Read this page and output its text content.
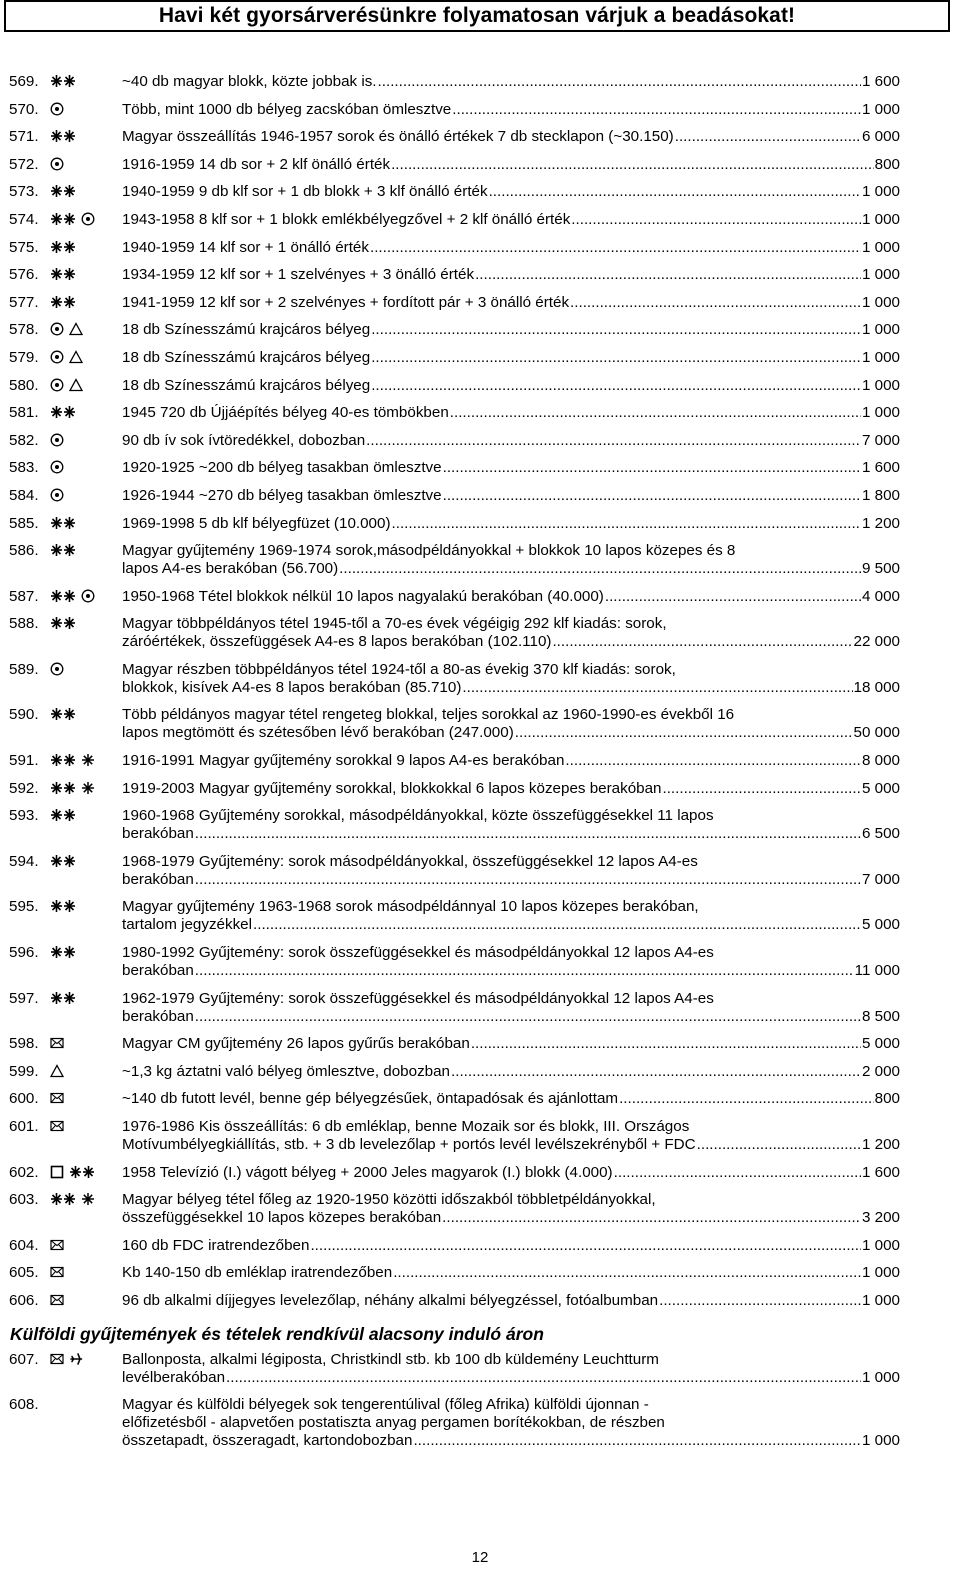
Havi két gyorsárverésünkre folyamatosan várjuk a beadásokat!
569.	~40 db magyar blokk, közte jobbak is. .....	1 600
570.	Több, mint 1000 db bélyeg zacskóban ömlesztve .....	1 000
571.	Magyar összeállítás 1946-1957 sorok és önálló értékek 7 db stecklapon (~30.150) .....	6 000
572.	1916-1959 14 db sor + 2 klf önálló érték .....	800
573.	1940-1959 9 db klf sor + 1 db blokk + 3 klf önálló érték .....	1 000
574.	1943-1958 8 klf sor + 1 blokk emlékbélyegzővel + 2 klf önálló érték .....	1 000
575.	1940-1959 14 klf sor + 1 önálló érték .....	1 000
576.	1934-1959 12 klf sor + 1 szelvényes + 3 önálló érték .....	1 000
577.	1941-1959 12 klf sor + 2 szelvényes + fordított pár + 3 önálló érték .....	1 000
578.	18 db Színesszámú krajcáros bélyeg .....	1 000
579.	18 db Színesszámú krajcáros bélyeg .....	1 000
580.	18 db Színesszámú krajcáros bélyeg .....	1 000
581.	1945 720 db Újjáépítés bélyeg 40-es tömbökben .....	1 000
582.	90 db ív sok ívtöredékkel, dobozban .....	7 000
583.	1920-1925 ~200 db bélyeg tasakban ömlesztve .....	1 600
584.	1926-1944 ~270 db bélyeg tasakban ömlesztve .....	1 800
585.	1969-1998 5 db klf bélyegfüzet (10.000) .....	1 200
586.	Magyar gyűjtemény 1969-1974 sorok,másodpéldányokkal + blokkok 10 lapos közepes és 8
lapos A4-es berakóban (56.700) .....	9 500
587.	1950-1968 Tétel blokkok nélkül 10 lapos nagyalakú berakóban (40.000) .....	4 000
588.	Magyar többpéldányos tétel 1945-től a 70-es évek végéigig 292 klf kiadás: sorok,
záróértékek, összefüggések A4-es 8 lapos berakóban (102.110) .....	22 000
589.	Magyar részben többpéldányos tétel 1924-től a 80-as évekig 370 klf kiadás: sorok,
blokkok, kisívek A4-es 8 lapos berakóban (85.710) .....	18 000
590.	Több példányos magyar tétel rengeteg blokkal, teljes sorokkal az 1960-1990-es évekből 16
lapos megtömött és szétesőben lévő berakóban (247.000) .....	50 000
591.	1916-1991 Magyar gyűjtemény sorokkal 9 lapos A4-es berakóban .....	8 000
592.	1919-2003 Magyar gyűjtemény sorokkal, blokkokkal 6 lapos közepes berakóban .....	5 000
593.	1960-1968 Gyűjtemény sorokkal, másodpéldányokkal, közte összefüggésekkel 11 lapos
berakóban .....	6 500
594.	1968-1979 Gyűjtemény: sorok másodpéldányokkal, összefüggésekkel 12 lapos A4-es
berakóban .....	7 000
595.	Magyar gyűjtemény 1963-1968 sorok másodpéldánnyal 10 lapos közepes berakóban,
tartalom jegyzékkel .....	5 000
596.	1980-1992 Gyűjtemény: sorok összefüggésekkel és másodpéldányokkal 12 lapos A4-es
berakóban .....	11 000
597.	1962-1979 Gyűjtemény: sorok összefüggésekkel és másodpéldányokkal 12 lapos A4-es
berakóban .....	8 500
598.	Magyar CM gyűjtemény 26 lapos gyűrűs berakóban .....	5 000
599.	~1,3 kg áztatni való bélyeg ömlesztve, dobozban .....	2 000
600.	~140 db futott levél, benne gép bélyegzésűek, öntapadósak és ajánlottam .....	800
601.	1976-1986 Kis összeállítás: 6 db emléklap, benne Mozaik sor és blokk, III. Országos
Motívumbélyegkiállítás, stb. + 3 db levelezőlap + portós levél levélszekrényből + FDC .....	1 200
602.	1958 Televízió (I.) vágott bélyeg + 2000 Jeles magyarok (I.) blokk (4.000) .....	1 600
603.	Magyar bélyeg tétel főleg az 1920-1950 közötti időszakból többletpéldányokkal,
összefüggésekkel 10 lapos közepes berakóban .....	3 200
604.	160 db FDC iratrendezőben .....	1 000
605.	Kb 140-150 db emléklap iratrendezőben .....	1 000
606.	96 db alkalmi díjjegyes levelezőlap, néhány alkalmi bélyegzéssel, fotóalbumban .....	1 000
Külföldi gyűjtemények és tételek rendkívül alacsony induló áron
607.	Ballonposta, alkalmi légiposta, Christkindl stb. kb 100 db küldemény Leuchtturm
levélberakóban .....	1 000
608.	Magyar és külföldi bélyegek sok tengerentúlival (főleg Afrika) külföldi újonnan -
előfizetésből - alapvetően postatiszta anyag pergamen borítékokban, de részben
összetapadt, összeragadt, kartondobozban .....	1 000
12
